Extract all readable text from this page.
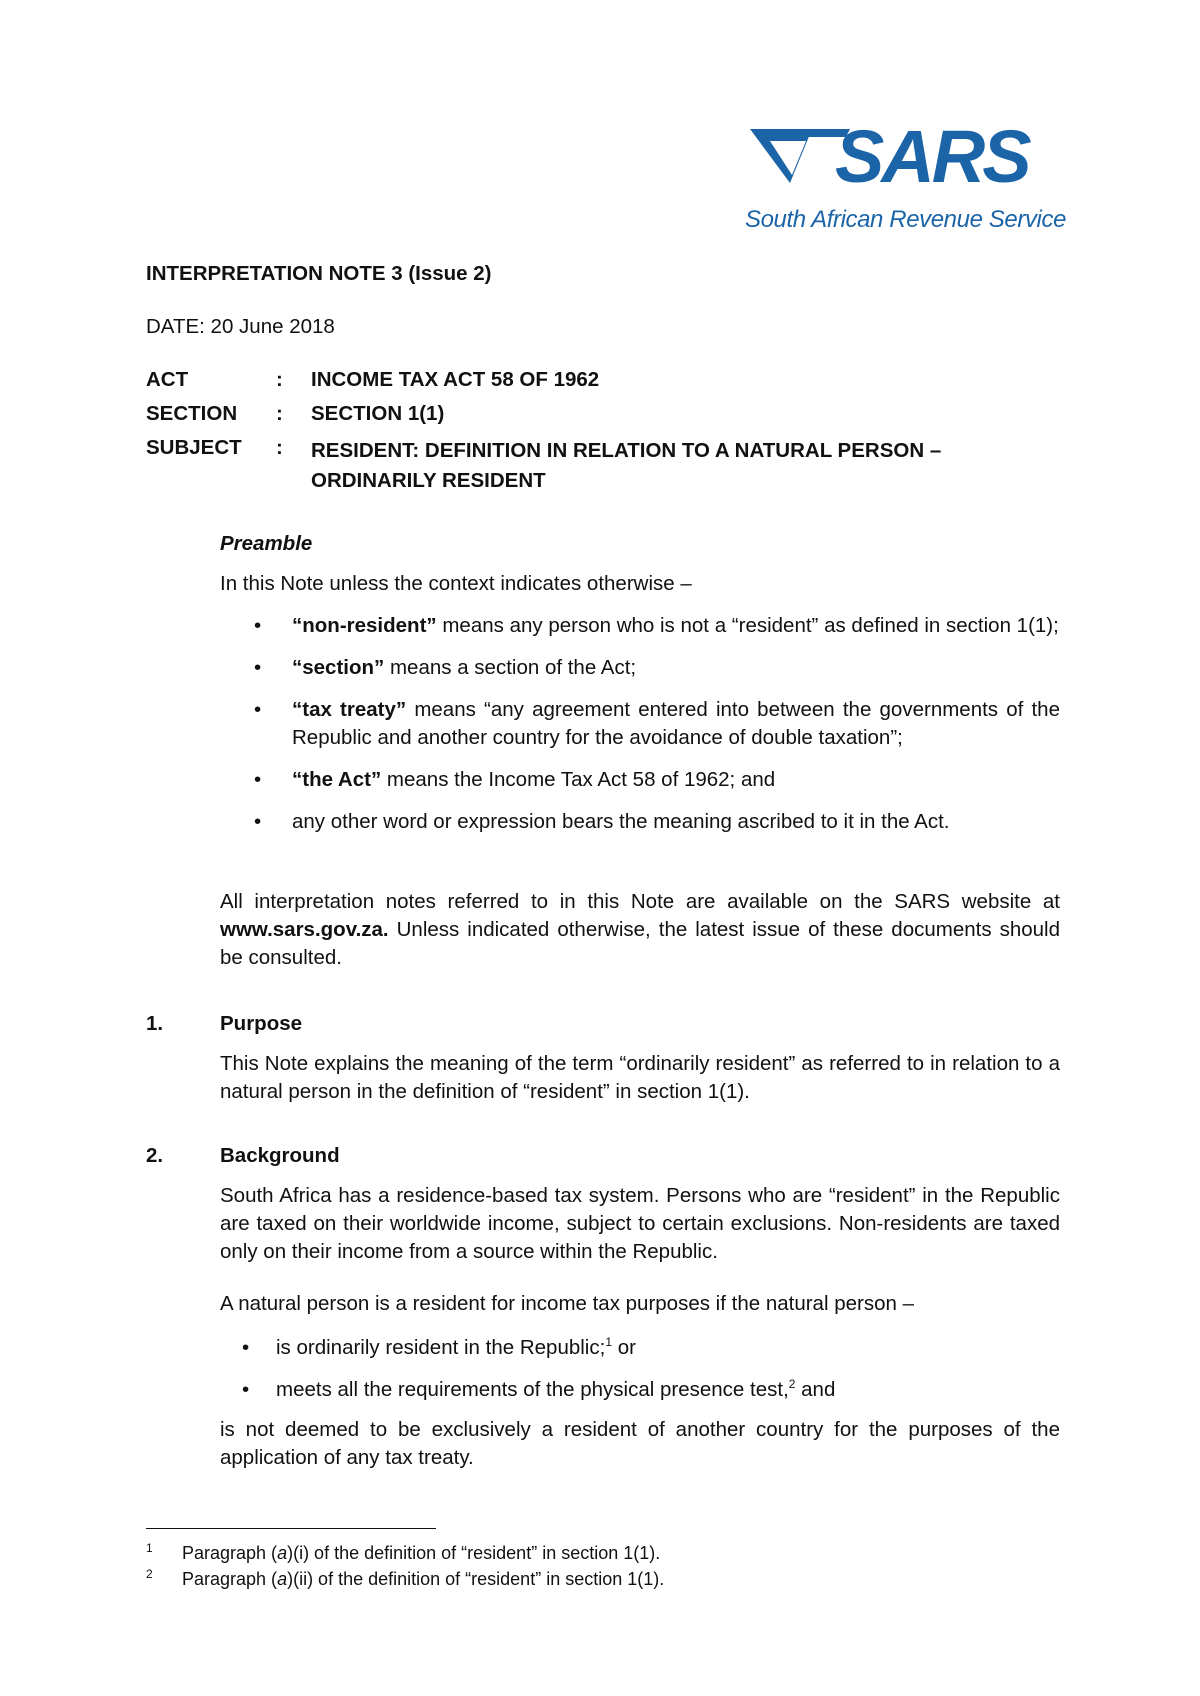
SARS
South African Revenue Service
INTERPRETATION NOTE 3 (Issue 2)
DATE: 20 June 2018
ACT	:	INCOME TAX ACT 58 OF 1962
SECTION	:	SECTION 1(1)
SUBJECT	:	RESIDENT: DEFINITION IN RELATION TO A NATURAL PERSON – ORDINARILY RESIDENT
Preamble
In this Note unless the context indicates otherwise –
• “non-resident” means any person who is not a “resident” as defined in section 1(1);
• “section” means a section of the Act;
• “tax treaty” means “any agreement entered into between the governments of the Republic and another country for the avoidance of double taxation”;
• “the Act” means the Income Tax Act 58 of 1962; and
• any other word or expression bears the meaning ascribed to it in the Act.

All interpretation notes referred to in this Note are available on the SARS website at www.sars.gov.za. Unless indicated otherwise, the latest issue of these documents should be consulted.

1.	Purpose

This Note explains the meaning of the term “ordinarily resident” as referred to in relation to a natural person in the definition of “resident” in section 1(1).

2.	Background

South Africa has a residence-based tax system. Persons who are “resident” in the Republic are taxed on their worldwide income, subject to certain exclusions. Non-residents are taxed only on their income from a source within the Republic.

A natural person is a resident for income tax purposes if the natural person –

• is ordinarily resident in the Republic;$^1$ or
• meets all the requirements of the physical presence test,$^2$ and

is not deemed to be exclusively a resident of another country for the purposes of the application of any tax treaty.

1	Paragraph (a)(i) of the definition of “resident” in section 1(1).
2	Paragraph (a)(ii) of the definition of “resident” in section 1(1).
